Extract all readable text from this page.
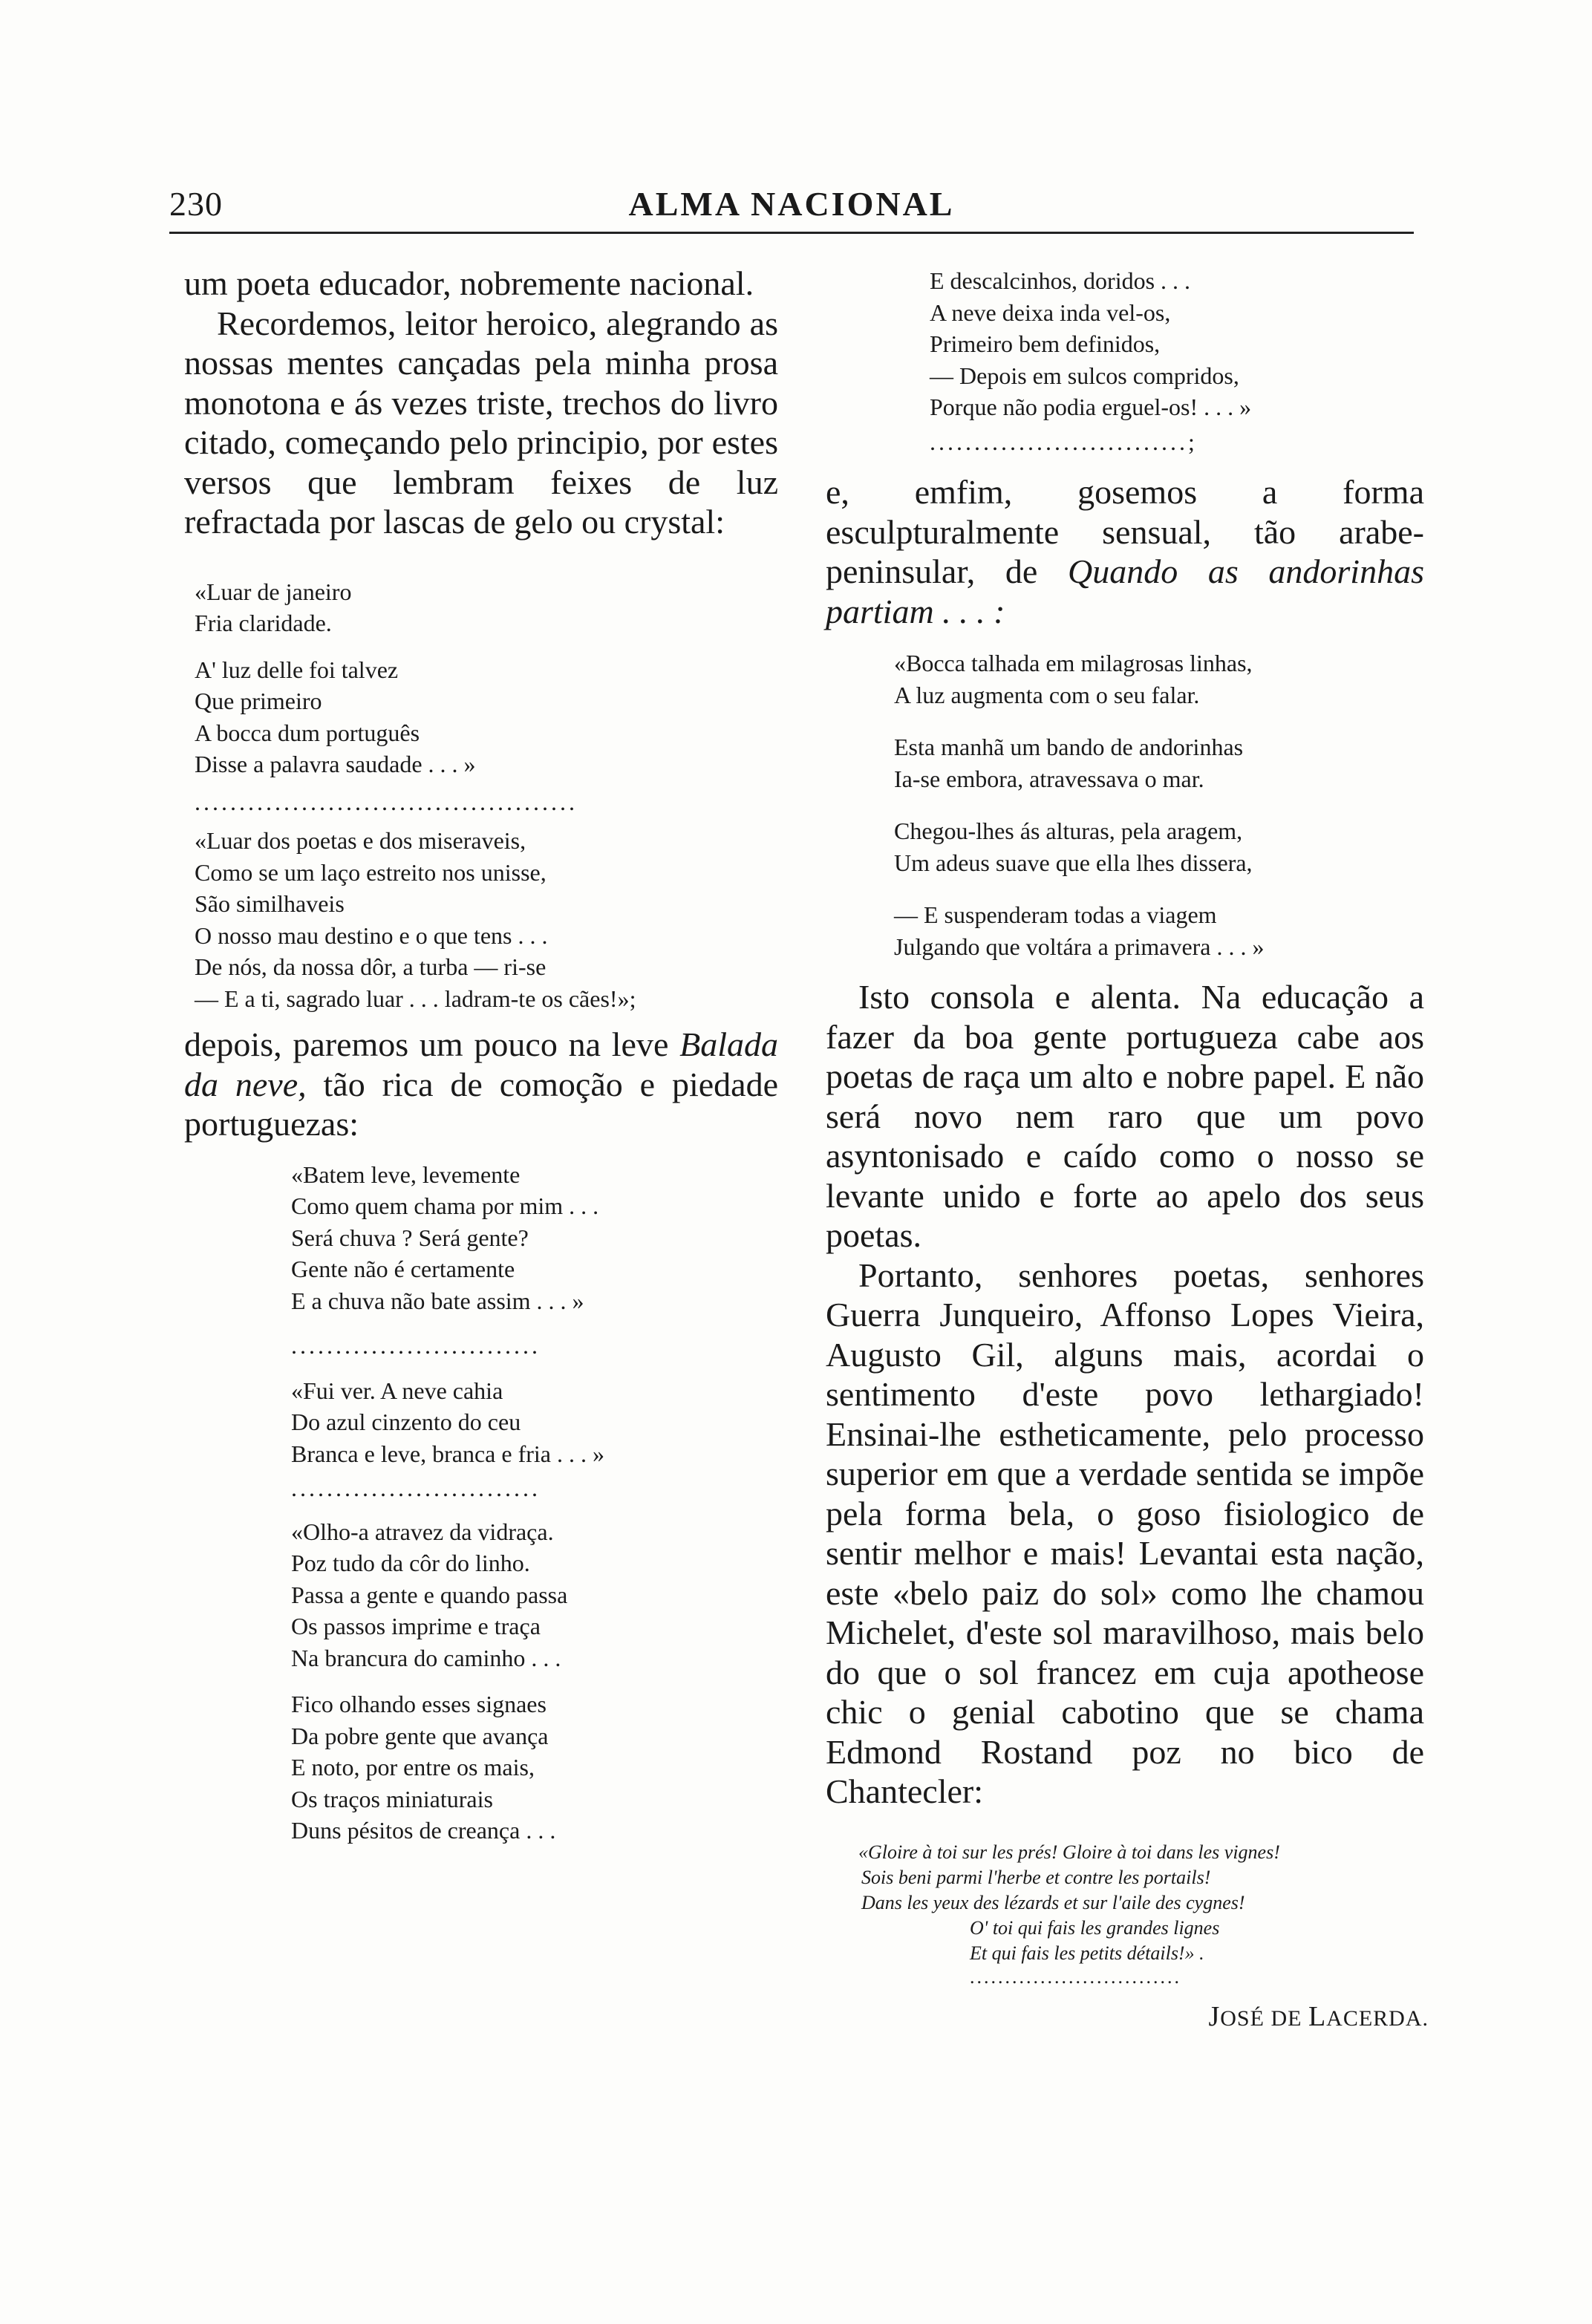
230	ALMA NACIONAL

um poeta educador, nobremente nacional.

Recordemos, leitor heroico, alegrando as nossas mentes cançadas pela minha prosa monotona e ás vezes triste, trechos do livro citado, começando pelo principio, por estes versos que lembram feixes de luz refractada por lascas de gelo ou crystal:

«Luar de janeiro
Fria claridade.
A' luz delle foi talvez
Que primeiro
A bocca dum português
Disse a palavra saudade . . . »
...........................................
«Luar dos poetas e dos miseraveis,
Como se um laço estreito nos unisse,
São similhaveis
O nosso mau destino e o que tens . . .
De nós, da nossa dôr, a turba — ri-se
— E a ti, sagrado luar . . . ladram-te os cães!»;

depois, paremos um pouco na leve Balada da neve, tão rica de comoção e piedade portuguezas:

«Batem leve, levemente
Como quem chama por mim . . .
Será chuva ? Será gente?
Gente não é certamente
E a chuva não bate assim . . . »
............................
«Fui ver. A neve cahia
Do azul cinzento do ceu
Branca e leve, branca e fria . . . »
............................
«Olho-a atravez da vidraça.
Poz tudo da côr do linho.
Passa a gente e quando passa
Os passos imprime e traça
Na brancura do caminho . . .
Fico olhando esses signaes
Da pobre gente que avança
E noto, por entre os mais,
Os traços miniaturais
Duns pésitos de creança . . .
E descalcinhos, doridos . . .
A neve deixa inda vel-os,
Primeiro bem definidos,
— Depois em sulcos compridos,
Porque não podia erguel-os! . . . »
.............................;

e, emfim, gosemos a forma esculpturalmente sensual, tão arabe-peninsular, de Quando as andorinhas partiam . . . :

«Bocca talhada em milagrosas linhas,
A luz augmenta com o seu falar.
Esta manhã um bando de andorinhas
Ia-se embora, atravessava o mar.
Chegou-lhes ás alturas, pela aragem,
Um adeus suave que ella lhes dissera,
— E suspenderam todas a viagem
Julgando que voltára a primavera . . . »

Isto consola e alenta. Na educação a fazer da boa gente portugueza cabe aos poetas de raça um alto e nobre papel. E não será novo nem raro que um povo asyntonisado e caído como o nosso se levante unido e forte ao apelo dos seus poetas.

Portanto, senhores poetas, senhores Guerra Junqueiro, Affonso Lopes Vieira, Augusto Gil, alguns mais, acordai o sentimento d'este povo lethargiado! Ensinai-lhe estheticamente, pelo processo superior em que a verdade sentida se impõe pela forma bela, o goso fisiologico de sentir melhor e mais! Levantai esta nação, este «belo paiz do sol» como lhe chamou Michelet, d'este sol maravilhoso, mais belo do que o sol francez em cuja apotheose chic o genial cabotino que se chama Edmond Rostand poz no bico de Chantecler:

«Gloire à toi sur les prés! Gloire à toi dans les vignes!
Sois beni parmi l'herbe et contre les portails!
Dans les yeux des lézards et sur l'aile des cygnes!
O' toi qui fais les grandes lignes
Et qui fais les petits détails!» .
..............................
JOSÉ DE LACERDA.
